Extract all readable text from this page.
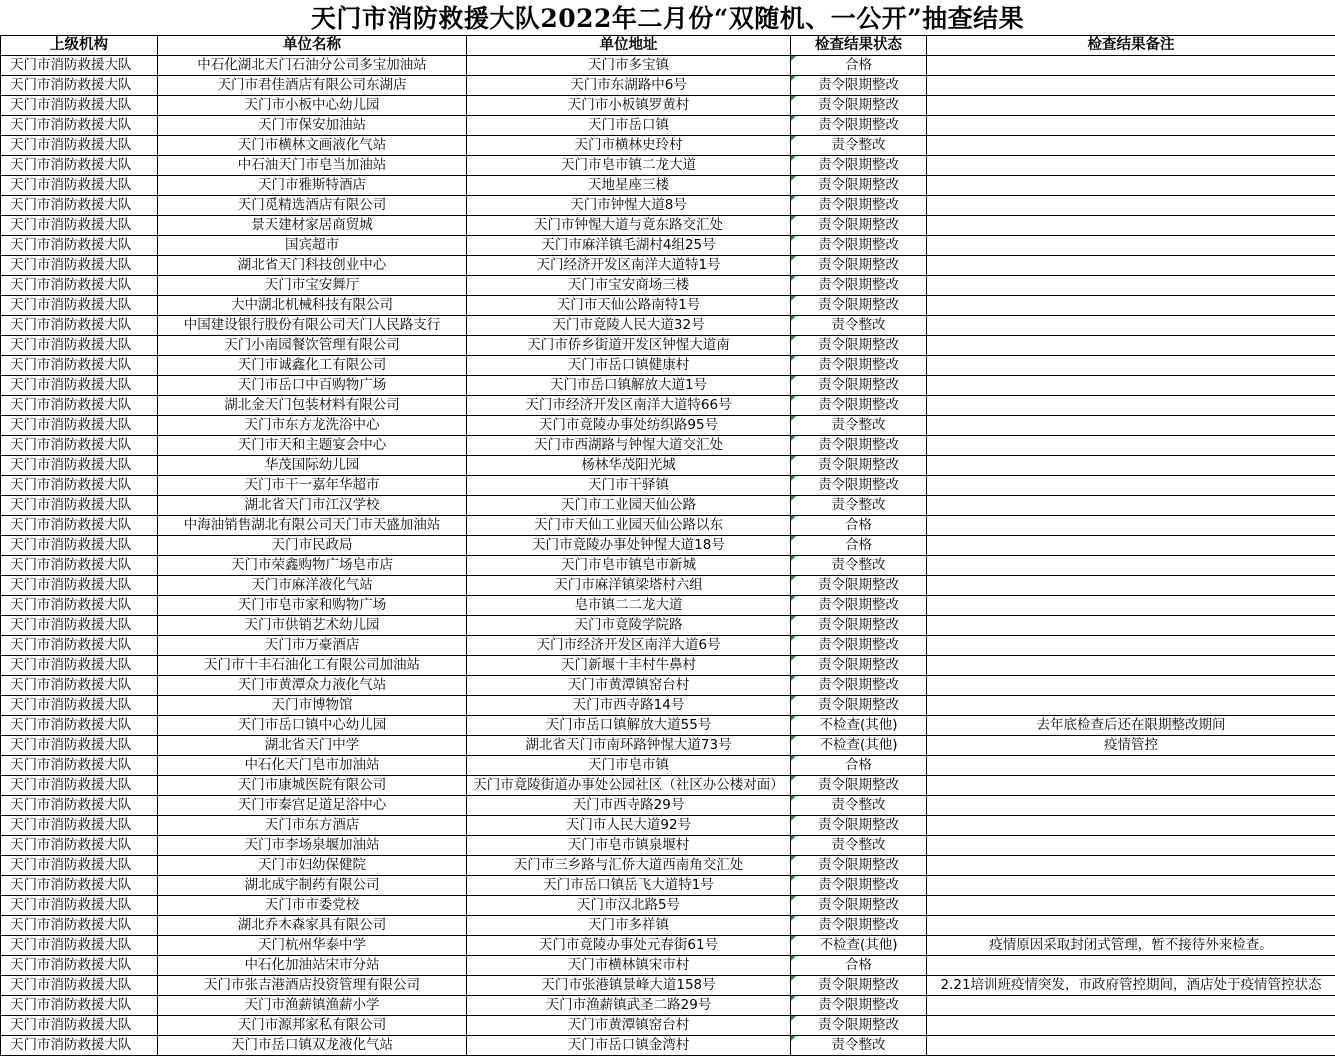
天门市消防救援大队2022年二月份“双随机、一公开”抽查结果
上级机构	单位名称	单位地址	检查结果状态	检查结果备注
天门市消防救援大队	中石化湖北天门石油分公司多宝加油站	天门市多宝镇	合格	
天门市消防救援大队	天门市君佳酒店有限公司东湖店	天门市东湖路中6号	责令限期整改	
天门市消防救援大队	天门市小板中心幼儿园	天门市小板镇罗黄村	责令限期整改	
天门市消防救援大队	天门市保安加油站	天门市岳口镇	责令限期整改	
天门市消防救援大队	天门市横林文画液化气站	天门市横林史玲村	责令整改	
天门市消防救援大队	中石油天门市皂当加油站	天门市皂市镇二龙大道	责令限期整改	
天门市消防救援大队	天门市雅斯特酒店	天地星座三楼	责令限期整改	
天门市消防救援大队	天门觅精选酒店有限公司	天门市钟惺大道8号	责令限期整改	
天门市消防救援大队	景天建材家居商贸城	天门市钟惺大道与竟东路交汇处	责令限期整改	
天门市消防救援大队	国宾超市	天门市麻洋镇毛湖村4组25号	责令限期整改	
天门市消防救援大队	湖北省天门科技创业中心	天门经济开发区南洋大道特1号	责令限期整改	
天门市消防救援大队	天门市宝安舞厅	天门市宝安商场三楼	责令限期整改	
天门市消防救援大队	大中湖北机械科技有限公司	天门市天仙公路南特1号	责令限期整改	
天门市消防救援大队	中国建设银行股份有限公司天门人民路支行	天门市竟陵人民大道32号	责令整改	
天门市消防救援大队	天门小南园餐饮管理有限公司	天门市侨乡街道开发区钟惺大道南	责令限期整改	
天门市消防救援大队	天门市诚鑫化工有限公司	天门市岳口镇健康村	责令限期整改	
天门市消防救援大队	天门市岳口中百购物广场	天门市岳口镇解放大道1号	责令限期整改	
天门市消防救援大队	湖北金天门包装材料有限公司	天门市经济开发区南洋大道特66号	责令限期整改	
天门市消防救援大队	天门市东方龙洗浴中心	天门市竟陵办事处纺织路95号	责令整改	
天门市消防救援大队	天门市天和主题宴会中心	天门市西湖路与钟惺大道交汇处	责令限期整改	
天门市消防救援大队	华茂国际幼儿园	杨林华茂阳光城	责令限期整改	
天门市消防救援大队	天门市干一嘉年华超市	天门市干驿镇	责令限期整改	
天门市消防救援大队	湖北省天门市江汉学校	天门市工业园天仙公路	责令整改	
天门市消防救援大队	中海油销售湖北有限公司天门市天盛加油站	天门市天仙工业园天仙公路以东	合格	
天门市消防救援大队	天门市民政局	天门市竟陵办事处钟惺大道18号	合格	
天门市消防救援大队	天门市荣鑫购物广场皂市店	天门市皂市镇皂市新城	责令整改	
天门市消防救援大队	天门市麻洋液化气站	天门市麻洋镇梁塔村六组	责令限期整改	
天门市消防救援大队	天门市皂市家和购物广场	皂市镇二二龙大道	责令限期整改	
天门市消防救援大队	天门市供销艺术幼儿园	天门市竟陵学院路	责令限期整改	
天门市消防救援大队	天门市万豪酒店	天门市经济开发区南洋大道6号	责令限期整改	
天门市消防救援大队	天门市十丰石油化工有限公司加油站	天门新堰十丰村牛鼻村	责令限期整改	
天门市消防救援大队	天门市黄潭众力液化气站	天门市黄潭镇窑台村	责令限期整改	
天门市消防救援大队	天门市博物馆	天门市西寺路14号	责令限期整改	
天门市消防救援大队	天门市岳口镇中心幼儿园	天门市岳口镇解放大道55号	不检查(其他)	去年底检查后还在限期整改期间
天门市消防救援大队	湖北省天门中学	湖北省天门市南环路钟惺大道73号	不检查(其他)	疫情管控
天门市消防救援大队	中石化天门皂市加油站	天门市皂市镇	合格	
天门市消防救援大队	天门市康城医院有限公司	天门市竟陵街道办事处公园社区（社区办公楼对面）	责令限期整改	
天门市消防救援大队	天门市秦宫足道足浴中心	天门市西寺路29号	责令整改	
天门市消防救援大队	天门市东方酒店	天门市人民大道92号	责令限期整改	
天门市消防救援大队	天门市李场泉堰加油站	天门市皂市镇泉堰村	责令整改	
天门市消防救援大队	天门市妇幼保健院	天门市三乡路与汇侨大道西南角交汇处	责令限期整改	
天门市消防救援大队	湖北成宇制药有限公司	天门市岳口镇岳飞大道特1号	责令限期整改	
天门市消防救援大队	天门市市委党校	天门市汉北路5号	责令限期整改	
天门市消防救援大队	湖北乔木森家具有限公司	天门市多祥镇	责令限期整改	
天门市消防救援大队	天门杭州华泰中学	天门市竟陵办事处元春街61号	不检查(其他)	疫情原因采取封闭式管理，暂不接待外来检查。
天门市消防救援大队	中石化加油站宋市分站	天门市横林镇宋市村	合格	
天门市消防救援大队	天门市张吉港酒店投资管理有限公司	天门市张港镇景峰大道158号	责令限期整改	2.21培训班疫情突发，市政府管控期间，酒店处于疫情管控状态
天门市消防救援大队	天门市渔薪镇渔薪小学	天门市渔薪镇武圣二路29号	责令限期整改	
天门市消防救援大队	天门市源邦家私有限公司	天门市黄潭镇窑台村	责令限期整改	
天门市消防救援大队	天门市岳口镇双龙液化气站	天门市岳口镇金湾村	责令整改	
